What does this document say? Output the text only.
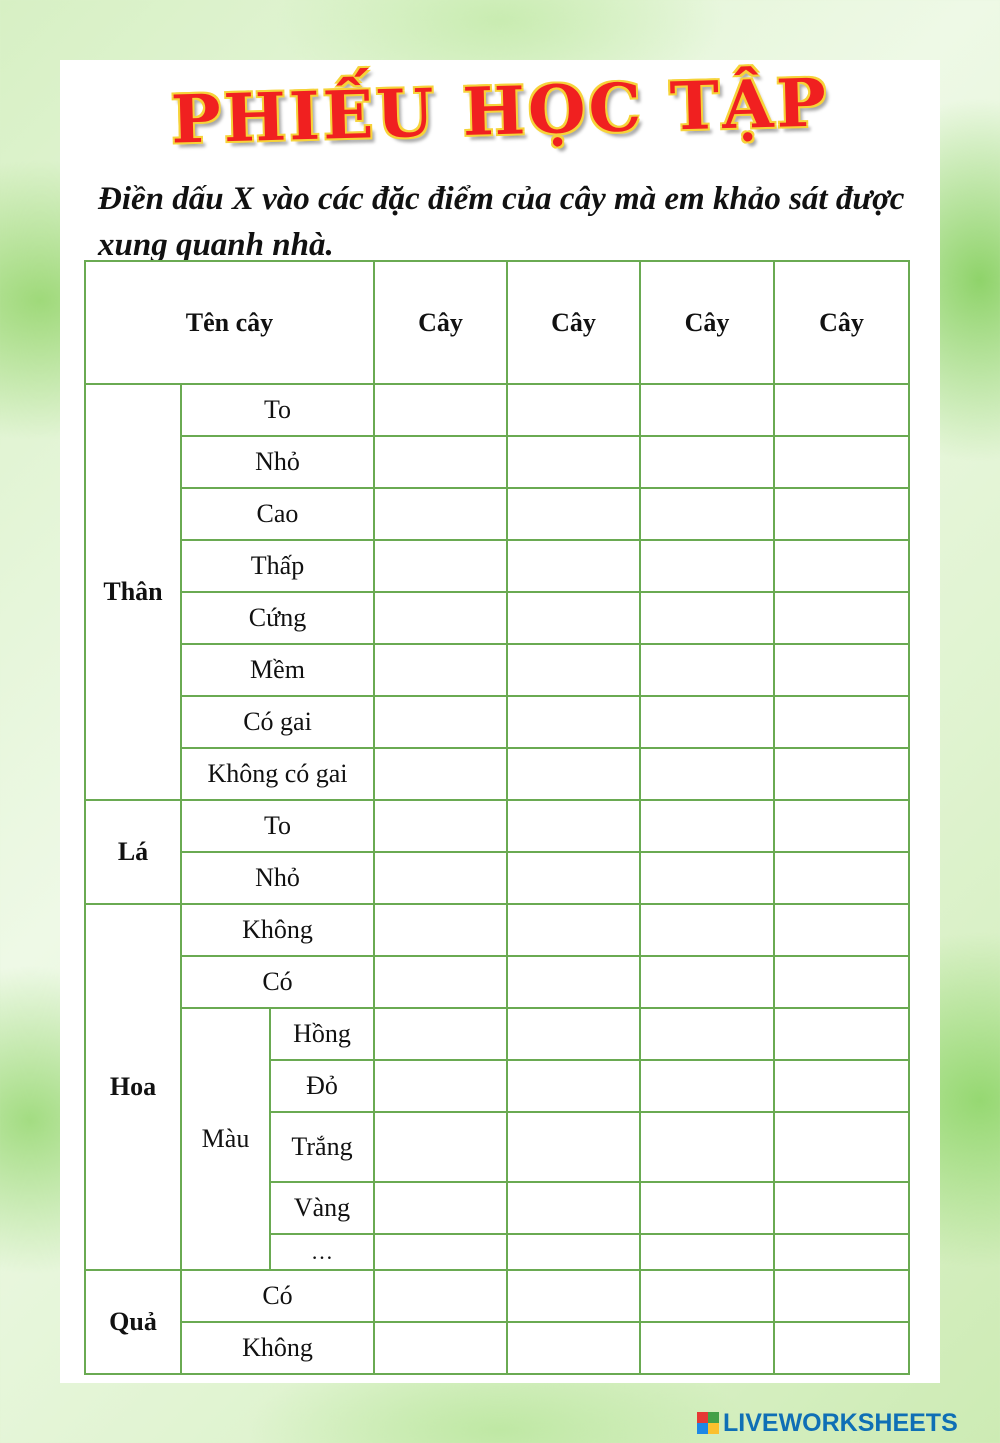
PHIẾU HỌC TẬP
Điền dấu X vào các đặc điểm của cây mà em khảo sát được xung quanh nhà.
Tên cây			Cây	Cây	Cây	Cây
Thân	To					
	Nhỏ					
	Cao					
	Thấp					
	Cứng					
	Mềm					
	Có gai					
	Không có gai					
Lá	To					
	Nhỏ					
Hoa	Không					
	Có					
	Màu	Hồng				
		Đỏ				
		Trắng				
		Vàng				
		…				
Quả	Có					
	Không					
LIVEWORKSHEETS
